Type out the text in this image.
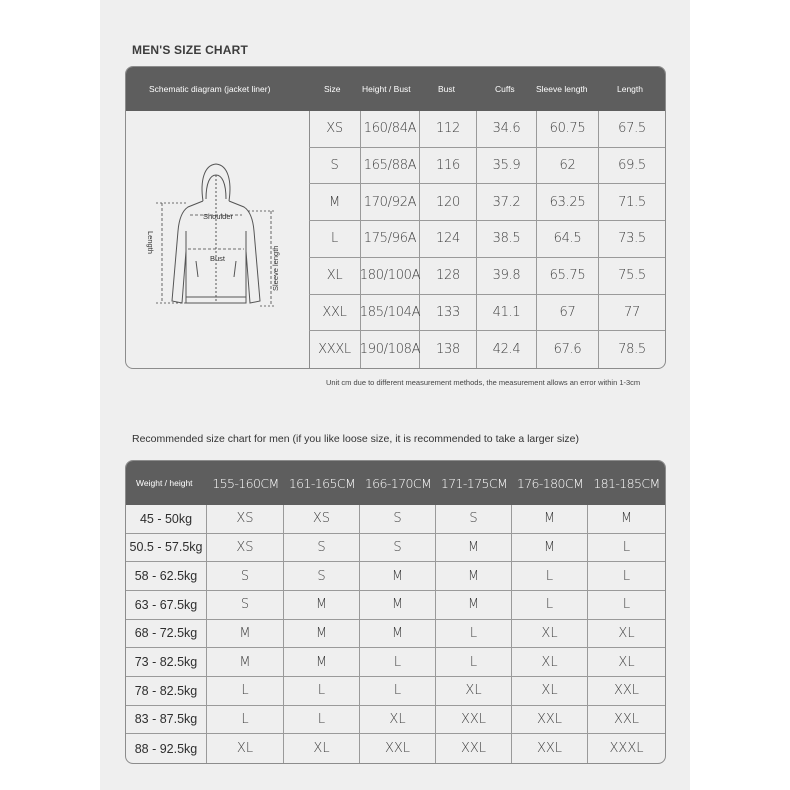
MEN'S SIZE CHART
Schematic diagram (jacket liner)	Size	Height / Bust	Bust	Cuffs	Sleeve length	Length
Shoulder
Bust
Length
Sleeve length
XS	160/84A	112	34.6	60.75	67.5
S	165/88A	116	35.9	62	69.5
M	170/92A	120	37.2	63.25	71.5
L	175/96A	124	38.5	64.5	73.5
XL	180/100A	128	39.8	65.75	75.5
XXL	185/104A	133	41.1	67	77
XXXL 190/108A	138	42.4	67.6	78.5
Unit cm due to different measurement methods, the measurement allows an error within 1-3cm
Recommended size chart for men (if you like loose size, it is recommended to take a larger size)
Weight / height	155-160CM 161-165CM 166-170CM 171-175CM 176-180CM 181-185CM
45 - 50kg	XS	XS	S	S	M	M
50.5 - 57.5kg	XS	S	S	M	M	L
58 - 62.5kg	S	S	M	M	L	L
63 - 67.5kg	S	M	M	M	L	L
68 - 72.5kg	M	M	M	L	XL	XL
73 - 82.5kg	M	M	L	L	XL	XL
78 - 82.5kg	L	L	L	XL	XL	XXL
83 - 87.5kg	L	L	XL	XXL	XXL	XXL
88 - 92.5kg	XL	XL	XXL	XXL	XXL	XXXL
